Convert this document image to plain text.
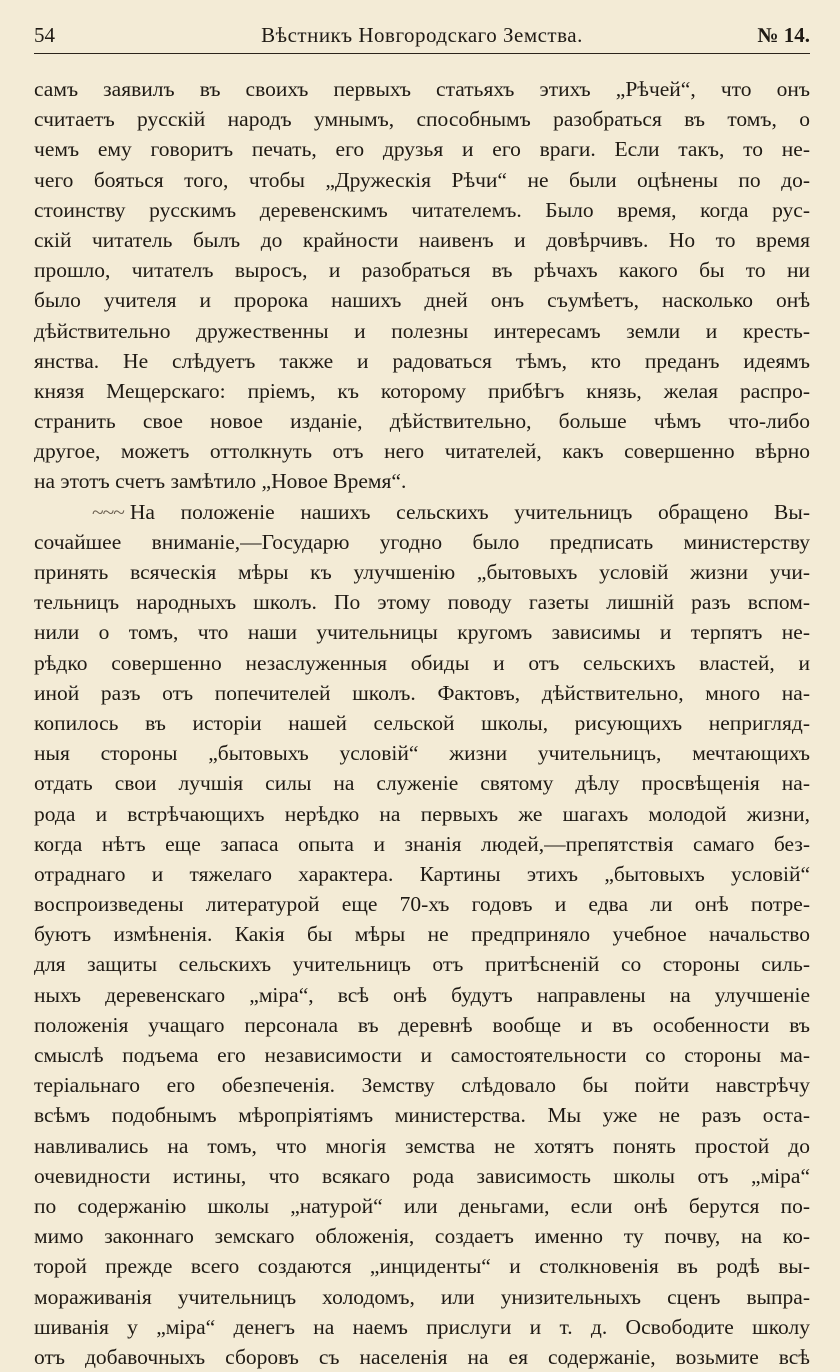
54	Вѣстникъ Новгородскаго Земства.	№ 14.
самъ заявилъ въ своихъ первыхъ статьяхъ этихъ „Рѣчей“, что онъ
считаетъ русскій народъ умнымъ, способнымъ разобраться въ томъ, о
чемъ ему говоритъ печать, его друзья и его враги. Если такъ, то не-
чего бояться того, чтобы „Дружескія Рѣчи“ не были оцѣнены по до-
стоинству русскимъ деревенскимъ читателемъ. Было время, когда рус-
скій читатель былъ до крайности наивенъ и довѣрчивъ. Но то время
прошло, читателъ выросъ, и разобраться въ рѣчахъ какого бы то ни
было учителя и пророка нашихъ дней онъ съумѣетъ, насколько онѣ
дѣйствительно дружественны и полезны интересамъ земли и кресть-
янства. Не слѣдуетъ также и радоваться тѣмъ, кто преданъ идеямъ
князя Мещерскаго: пріемъ, къ которому прибѣгъ князь, желая распро-
странить свое новое изданіе, дѣйствительно, больше чѣмъ что-либо
другое, можетъ оттолкнуть отъ него читателей, какъ совершенно вѣрно
на этотъ счетъ замѣтило „Новое Время“.
~~~ На положеніе нашихъ сельскихъ учительницъ обращено Вы-
сочайшее вниманіе,—Государю угодно было предписать министерству
принять всяческія мѣры къ улучшенію „бытовыхъ условій жизни учи-
тельницъ народныхъ школъ. По этому поводу газеты лишній разъ вспом-
нили о томъ, что наши учительницы кругомъ зависимы и терпятъ не-
рѣдко совершенно незаслуженныя обиды и отъ сельскихъ властей, и
иной разъ отъ попечителей школъ. Фактовъ, дѣйствительно, много на-
копилось въ исторіи нашей сельской школы, рисующихъ непригляд-
ныя стороны „бытовыхъ условій“ жизни учительницъ, мечтающихъ
отдать свои лучшія силы на служеніе святому дѣлу просвѣщенія на-
рода и встрѣчающихъ нерѣдко на первыхъ же шагахъ молодой жизни,
когда нѣтъ еще запаса опыта и знанія людей,—препятствія самаго без-
отраднаго и тяжелаго характера. Картины этихъ „бытовыхъ условій“
воспроизведены литературой еще 70-хъ годовъ и едва ли онѣ потре-
буютъ измѣненія. Какія бы мѣры не предприняло учебное начальство
для защиты сельскихъ учительницъ отъ притѣсненій со стороны силь-
ныхъ деревенскаго „міра“, всѣ онѣ будутъ направлены на улучшеніе
положенія учащаго персонала въ деревнѣ вообще и въ особенности въ
смыслѣ подъема его независимости и самостоятельности со стороны ма-
теріальнаго его обезпеченія. Земству слѣдовало бы пойти навстрѣчу
всѣмъ подобнымъ мѣропріятіямъ министерства. Мы уже не разъ оста-
навливались на томъ, что многія земства не хотятъ понять простой до
очевидности истины, что всякаго рода зависимость школы отъ „міра“
по содержанію школы „натурой“ или деньгами, если онѣ берутся по-
мимо законнаго земскаго обложенія, создаетъ именно ту почву, на ко-
торой прежде всего создаются „инциденты“ и столкновенія въ родѣ вы-
мораживанія учительницъ холодомъ, или унизительныхъ сценъ выпра-
шиванія у „міра“ денегъ на наемъ прислуги и т. д. Освободите школу
отъ добавочныхъ сборовъ съ населенія на ея содержаніе, возьмите всѣ
